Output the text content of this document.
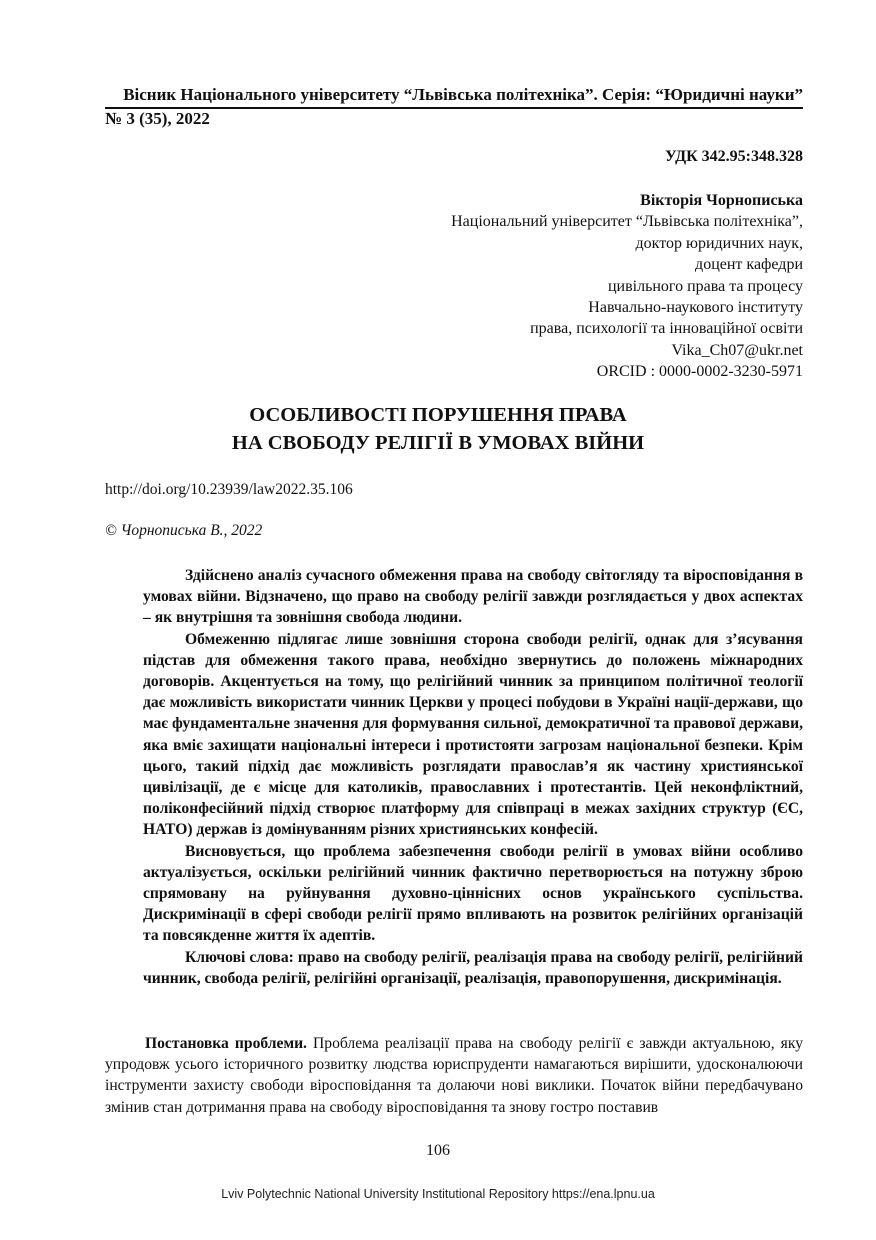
Вісник Національного університету “Львівська політехніка”. Серія: “Юридичні науки”
№ 3 (35), 2022
УДК 342.95:348.328
Вікторія Чорнописька
Національний університет “Львівська політехніка”,
доктор юридичних наук,
доцент кафедри
цивільного права та процесу
Навчально-наукового інституту
права, психології та інноваційної освіти
Vika_Ch07@ukr.net
ORCID : 0000-0002-3230-5971
ОСОБЛИВОСТІ ПОРУШЕННЯ ПРАВА
НА СВОБОДУ РЕЛІГІЇ В УМОВАХ ВІЙНИ
http://doi.org/10.23939/law2022.35.106
© Чорнописька В., 2022

Здійснено аналіз сучасного обмеження права на свободу світогляду та віросповідання в умовах війни. Відзначено, що право на свободу релігії завжди розглядається у двох аспектах – як внутрішня та зовнішня свобода людини.

Обмеженню підлягає лише зовнішня сторона свободи релігії, однак для з’ясування підстав для обмеження такого права, необхідно звернутись до положень міжнародних договорів. Акцентується на тому, що релігійний чинник за принципом політичної теології дає можливість використати чинник Церкви у процесі побудови в Україні нації-держави, що має фундаментальне значення для формування сильної, демократичної та правової держави, яка вміє захищати національні інтереси і протистояти загрозам національної безпеки. Крім цього, такий підхід дає можливість розглядати православ’я як частину християнської цивілізації, де є місце для католиків, православних і протестантів. Цей неконфліктний, поліконфесійний підхід створює платформу для співпраці в межах західних структур (ЄС, НАТО) держав із домінуванням різних християнських конфесій.

Висновується, що проблема забезпечення свободи релігії в умовах війни особливо актуалізується, оскільки релігійний чинник фактично перетворюється на потужну зброю спрямовану на руйнування духовно-ціннісних основ українського суспільства. Дискримінації в сфері свободи релігії прямо впливають на розвиток релігійних організацій та повсякденне життя їх адептів.

Ключові слова: право на свободу релігії, реалізація права на свободу релігії, релігійний чинник, свобода релігії, релігійні організації, реалізація, правопорушення, дискримінація.

Постановка проблеми. Проблема реалізації права на свободу релігії є завжди актуальною, яку упродовж усього історичного розвитку людства юриспруденти намагаються вирішити, удосконалюючи інструменти захисту свободи віросповідання та долаючи нові виклики. Початок війни передбачувано змінив стан дотримання права на свободу віросповідання та знову гостро поставив

106
Lviv Polytechnic National University Institutional Repository https://ena.lpnu.ua
